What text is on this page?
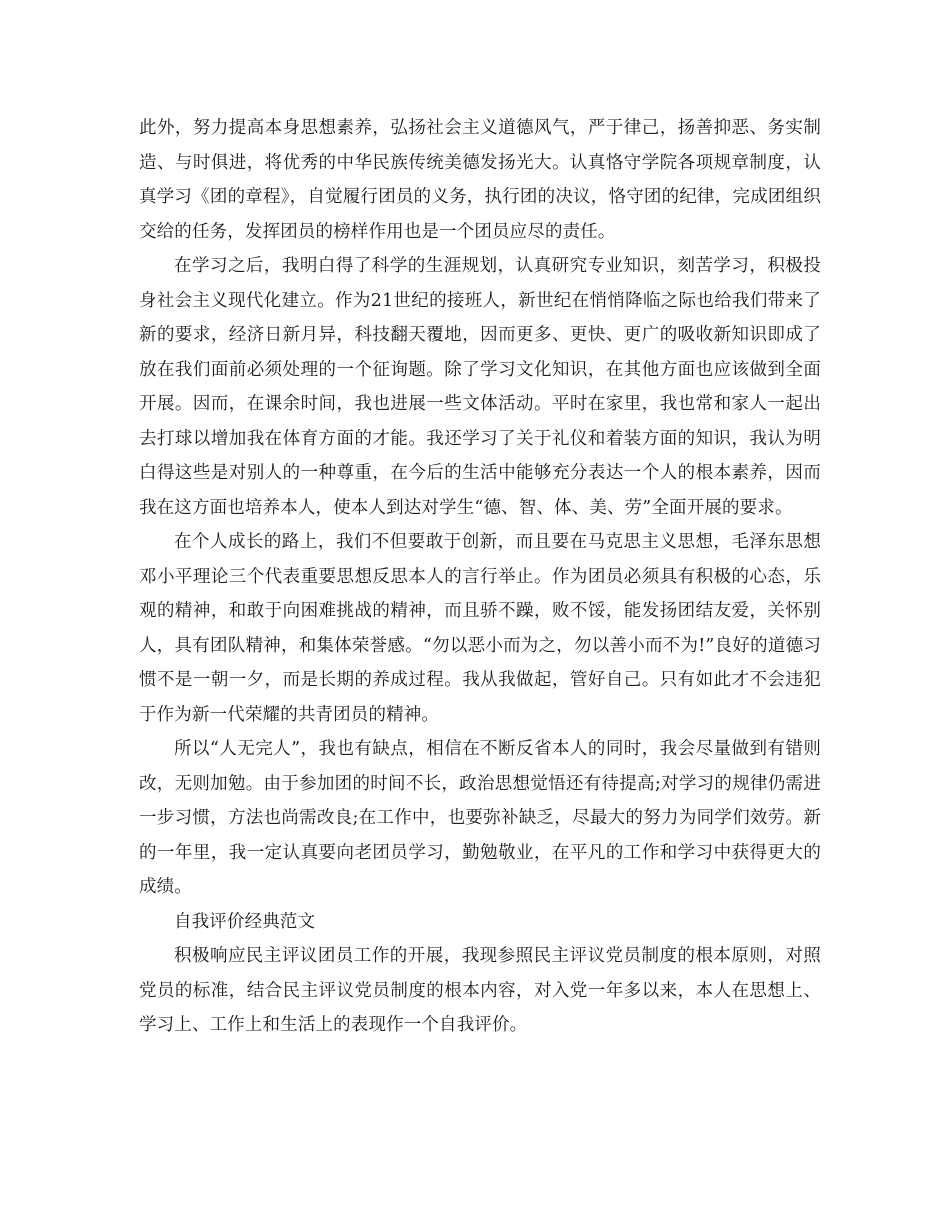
此外，努力提高本身思想素养，弘扬社会主义道德风气，严于律己，扬善抑恶、务实制造、与时俱进，将优秀的中华民族传统美德发扬光大。认真恪守学院各项规章制度，认真学习《团的章程》，自觉履行团员的义务，执行团的决议，恪守团的纪律，完成团组织交给的任务，发挥团员的榜样作用也是一个团员应尽的责任。

在学习之后，我明白得了科学的生涯规划，认真研究专业知识，刻苦学习，积极投身社会主义现代化建立。作为21世纪的接班人，新世纪在悄悄降临之际也给我们带来了新的要求，经济日新月异，科技翻天覆地，因而更多、更快、更广的吸收新知识即成了放在我们面前必须处理的一个征询题。除了学习文化知识，在其他方面也应该做到全面开展。因而，在课余时间，我也进展一些文体活动。平时在家里，我也常和家人一起出去打球以增加我在体育方面的才能。我还学习了关于礼仪和着装方面的知识，我认为明白得这些是对别人的一种尊重，在今后的生活中能够充分表达一个人的根本素养，因而我在这方面也培养本人，使本人到达对学生“德、智、体、美、劳”全面开展的要求。

在个人成长的路上，我们不但要敢于创新，而且要在马克思主义思想，毛泽东思想邓小平理论三个代表重要思想反思本人的言行举止。作为团员必须具有积极的心态，乐观的精神，和敢于向困难挑战的精神，而且骄不躁，败不馁，能发扬团结友爱，关怀别人，具有团队精神，和集体荣誉感。“勿以恶小而为之，勿以善小而不为!”良好的道德习惯不是一朝一夕，而是长期的养成过程。我从我做起，管好自己。只有如此才不会违犯于作为新一代荣耀的共青团员的精神。

所以“人无完人”，我也有缺点，相信在不断反省本人的同时，我会尽量做到有错则改，无则加勉。由于参加团的时间不长，政治思想觉悟还有待提高;对学习的规律仍需进一步习惯，方法也尚需改良;在工作中，也要弥补缺乏，尽最大的努力为同学们效劳。新的一年里，我一定认真要向老团员学习，勤勉敬业，在平凡的工作和学习中获得更大的成绩。

自我评价经典范文

积极响应民主评议团员工作的开展，我现参照民主评议党员制度的根本原则，对照党员的标准，结合民主评议党员制度的根本内容，对入党一年多以来，本人在思想上、学习上、工作上和生活上的表现作一个自我评价。
